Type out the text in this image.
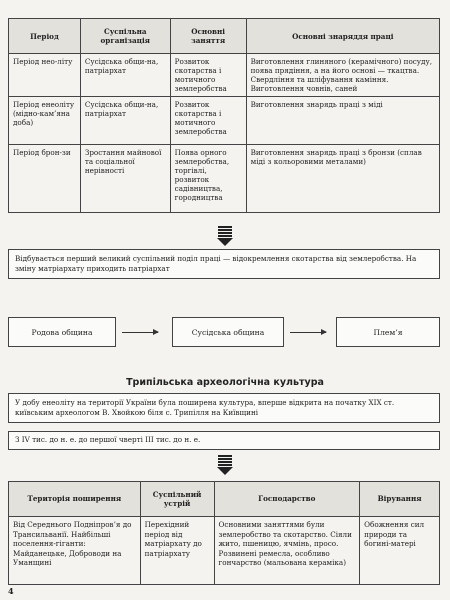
Період	Суспільна організація	Основні заняття	Основні знаряддя праці
Період нео-літу	Сусідська общи-на, патріархат	Розвиток скотарства і мотичного землеробства	Виготовлення глиняного (керамічного) посуду, поява прядіння, а на його основі — ткацтва. Свердління та шліфування каміння. Виготовлення човнів, саней
Період енеоліту (мідно-кам’яна доба)	Сусідська общи-на, патріархат	Розвиток скотарства і мотичного землеробства	Виготовлення знарядь праці з міді
Період брон-зи	Зростання майнової та соціальної нерівності	Поява орного землеробства, торгівлі, розвиток садівництва, городництва	Виготовлення знарядь праці з бронзи (сплав міді з кольоровими металами)
Відбувається перший великий суспільний поділ праці — відокремлення скотарства від землеробства. На зміну матріархату приходить патріархат
Родова община	Сусідська община	Плем’я
Трипільська археологічна культура
У добу енеоліту на території України була поширена культура, вперше відкрита на початку XIX ст. київським археологом В. Хвойкою біля с. Трипілля на Київщині
З IV тис. до н. е. до першої чверті III тис. до н. е.
Територія поширення	Суспільний устрій	Господарство	Вірування
Від Середнього Подніпров’я до Трансильванії. Найбільші поселення-гіганти: Майданецьке, Доброводи на Уманщині	Перехідний період від матріархату до патріархату	Основними заняттями були землеробство та скотарство. Сіяли жито, пшеницю, ячмінь, просо. Розвинені ремесла, особливо гончарство (мальована кераміка)	Обожнення сил природи та богині-матері
4
